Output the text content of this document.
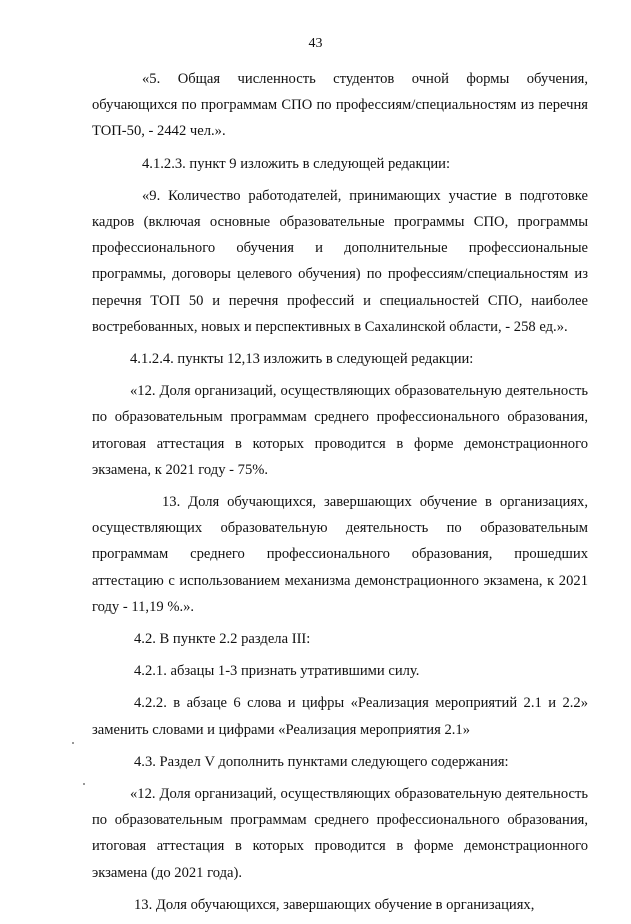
43

«5. Общая численность студентов очной формы обучения, обучающихся по программам СПО по профессиям/специальностям из перечня ТОП-50, - 2442 чел.».

4.1.2.3. пункт 9 изложить в следующей редакции:

«9. Количество работодателей, принимающих участие в подготовке кадров (включая основные образовательные программы СПО, программы профессионального обучения и дополнительные профессиональные программы, договоры целевого обучения) по профессиям/специальностям из перечня ТОП 50 и перечня профессий и специальностей СПО, наиболее востребованных, новых и перспективных в Сахалинской области, - 258 ед.».

4.1.2.4. пункты 12,13 изложить в следующей редакции:

«12. Доля организаций, осуществляющих образовательную деятельность по образовательным программам среднего профессионального образования, итоговая аттестация в которых проводится в форме демонстрационного экзамена, к 2021 году - 75%.

13. Доля обучающихся, завершающих обучение в организациях, осуществляющих образовательную деятельность по образовательным программам среднего профессионального образования, прошедших аттестацию с использованием механизма демонстрационного экзамена, к 2021 году - 11,19 %.».

4.2. В пункте 2.2 раздела III:

4.2.1. абзацы 1-3 признать утратившими силу.

4.2.2. в абзаце 6 слова и цифры «Реализация мероприятий 2.1 и 2.2» заменить словами и цифрами «Реализация мероприятия 2.1»

4.3. Раздел V дополнить пунктами следующего содержания:

«12. Доля организаций, осуществляющих образовательную деятельность по образовательным программам среднего профессионального образования, итоговая аттестация в которых проводится в форме демонстрационного экзамена (до 2021 года).

13. Доля обучающихся, завершающих обучение в организациях,
